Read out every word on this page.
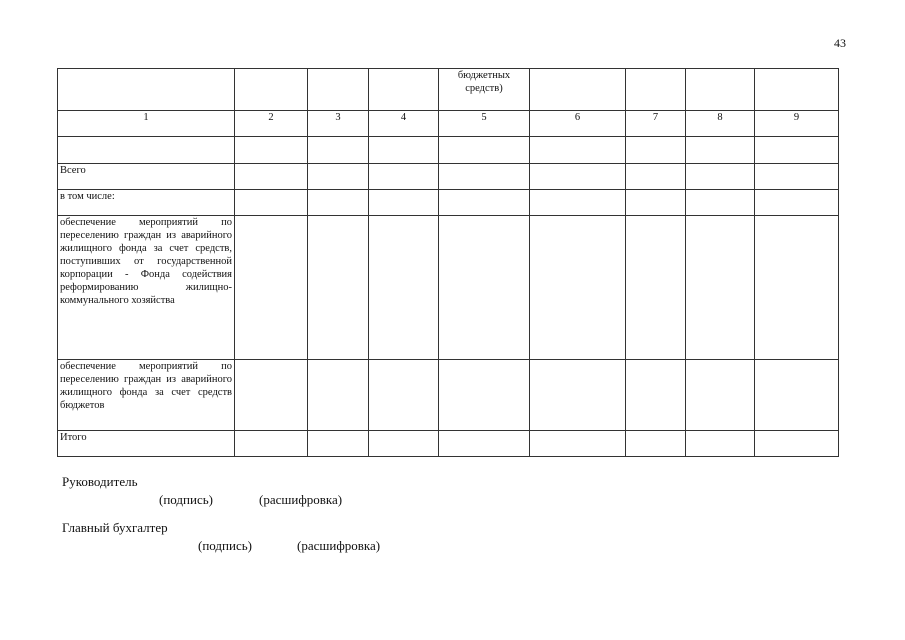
43
				бюджетных средств)				
1	2	3	4	5	6	7	8	9

Всего								
в том числе:								
обеспечение мероприятий по переселению граждан из аварийного жилищного фонда за счет средств, поступивших от государственной корпорации - Фонда содействия реформированию жилищно-коммунального хозяйства								
обеспечение мероприятий по переселению граждан из аварийного жилищного фонда за счет средств бюджетов								
Итого								
Руководитель
(подпись)	(расшифровка)
Главный бухгалтер
(подпись)	(расшифровка)
